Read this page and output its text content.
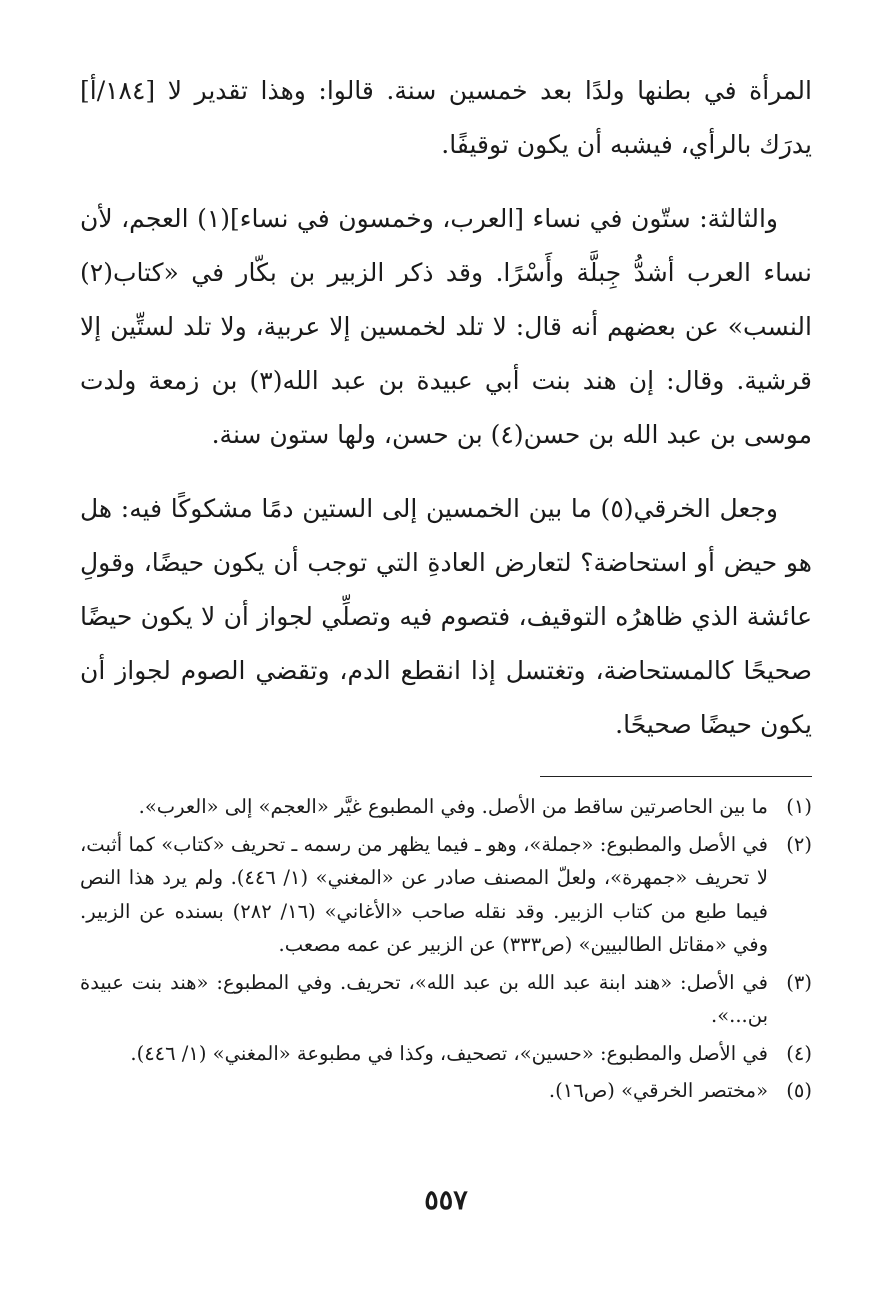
المرأة في بطنها ولدًا بعد خمسين سنة. قالوا: وهذا تقدير لا [١٨٤/أ] يدرَك بالرأي، فيشبه أن يكون توقيفًا.

والثالثة: ستّون في نساء [العرب، وخمسون في نساء](١) العجم، لأن نساء العرب أشدُّ جِبلَّة وأَسْرًا. وقد ذكر الزبير بن بكّار في «كتاب(٢) النسب» عن بعضهم أنه قال: لا تلد لخمسين إلا عربية، ولا تلد لستِّين إلا قرشية. وقال: إن هند بنت أبي عبيدة بن عبد الله(٣) بن زمعة ولدت موسى بن عبد الله بن حسن(٤) بن حسن، ولها ستون سنة.

وجعل الخرقي(٥) ما بين الخمسين إلى الستين دمًا مشكوكًا فيه: هل هو حيض أو استحاضة؟ لتعارض العادةِ التي توجب أن يكون حيضًا، وقولِ عائشة الذي ظاهرُه التوقيف، فتصوم فيه وتصلِّي لجواز أن لا يكون حيضًا صحيحًا كالمستحاضة، وتغتسل إذا انقطع الدم، وتقضي الصوم لجواز أن يكون حيضًا صحيحًا.

(١)
ما بين الحاصرتين ساقط من الأصل. وفي المطبوع غيَّر «العجم» إلى «العرب».
(٢)
في الأصل والمطبوع: «جملة»، وهو ـ فيما يظهر من رسمه ـ تحريف «كتاب» كما أثبت، لا تحريف «جمهرة»، ولعلّ المصنف صادر عن «المغني» (١/ ٤٤٦). ولم يرد هذا النص فيما طبع من كتاب الزبير. وقد نقله صاحب «الأغاني» (١٦/ ٢٨٢) بسنده عن الزبير. وفي «مقاتل الطالبيين» (ص٣٣٣) عن الزبير عن عمه مصعب.
(٣)
في الأصل: «هند ابنة عبد الله بن عبد الله»، تحريف. وفي المطبوع: «هند بنت عبيدة بن...».
(٤)
في الأصل والمطبوع: «حسين»، تصحيف، وكذا في مطبوعة «المغني» (١/ ٤٤٦).
(٥)
«مختصر الخرقي» (ص١٦).
٥٥٧
